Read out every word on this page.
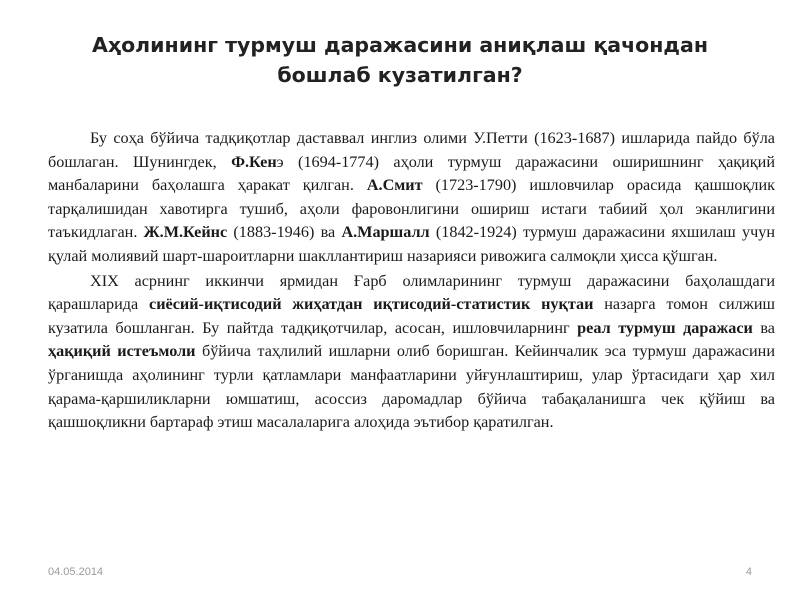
Аҳолининг турмуш даражасини аниқлаш қачондан бошлаб кузатилган?

Бу соҳа бўйича тадқиқотлар даставвал инглиз олими У.Петти (1623-1687) ишларида пайдо бўла бошлаган. Шунингдек, Ф.Кенэ (1694-1774) аҳоли турмуш даражасини оширишнинг ҳақиқий манбаларини баҳолашга ҳаракат қилган. А.Смит (1723-1790) ишловчилар орасида қашшоқлик тарқалишидан хавотирга тушиб, аҳоли фаровонлигини ошириш истаги табиий ҳол эканлигини таъкидлаган. Ж.М.Кейнс (1883-1946) ва А.Маршалл (1842-1924) турмуш даражасини яхшилаш учун қулай молиявий шарт-шароитларни шакллантириш назарияси ривожига салмоқли ҳисса қўшган.

XIX асрнинг иккинчи ярмидан Ғарб олимларининг турмуш даражасини баҳолашдаги қарашларида сиёсий-иқтисодий жиҳатдан иқтисодий-статистик нуқтаи назарга томон силжиш кузатила бошланган. Бу пайтда тадқиқотчилар, асосан, ишловчиларнинг реал турмуш даражаси ва ҳақиқий истеъмоли бўйича таҳлилий ишларни олиб боришган. Кейинчалик эса турмуш даражасини ўрганишда аҳолининг турли қатламлари манфаатларини уйғунлаштириш, улар ўртасидаги ҳар хил қарама-қаршиликларни юмшатиш, асоссиз даромадлар бўйича табақаланишга чек қўйиш ва қашшоқликни бартараф этиш масалаларига алоҳида эътибор қаратилган.

04.05.2014	4
